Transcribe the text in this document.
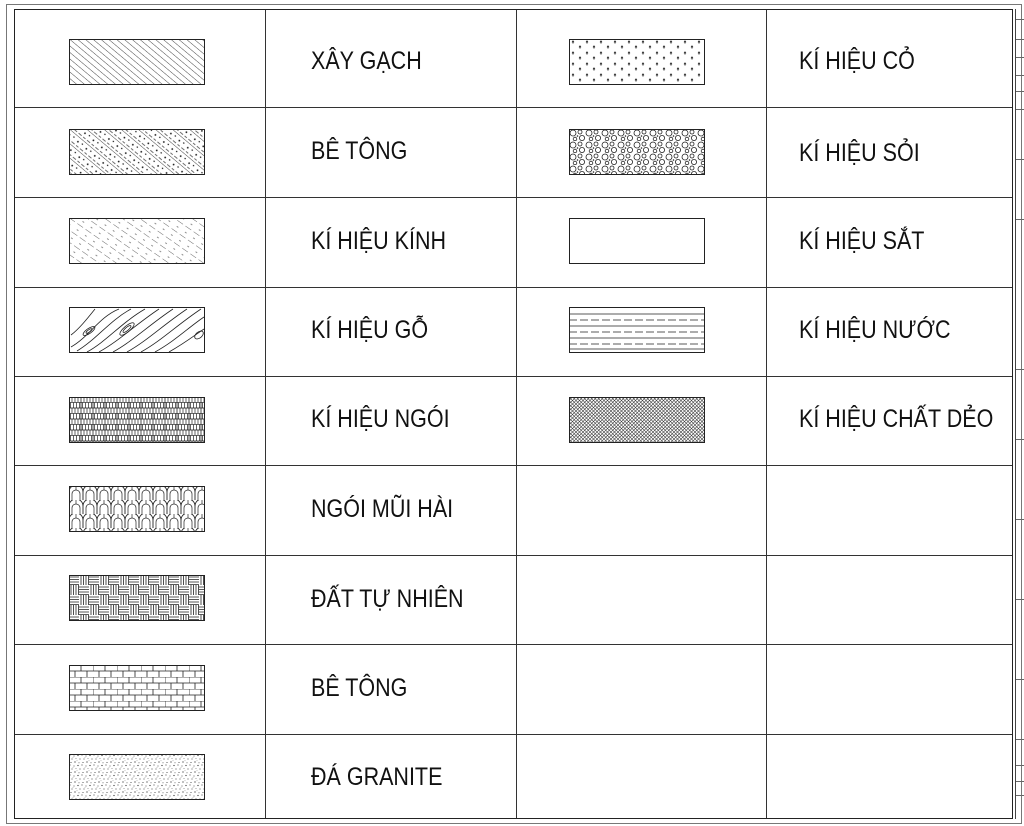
XÂY GẠCH
BÊ TÔNG
KÍ HIỆU KÍNH
KÍ HIỆU GỖ
KÍ HIỆU NGÓI
NGÓI MŨI HÀI
ĐẤT TỰ NHIÊN
BÊ TÔNG
ĐÁ GRANITE
KÍ HIỆU CỎ
KÍ HIỆU SỎI
KÍ HIỆU SẮT
KÍ HIỆU NƯỚC
KÍ HIỆU CHẤT DẺO
